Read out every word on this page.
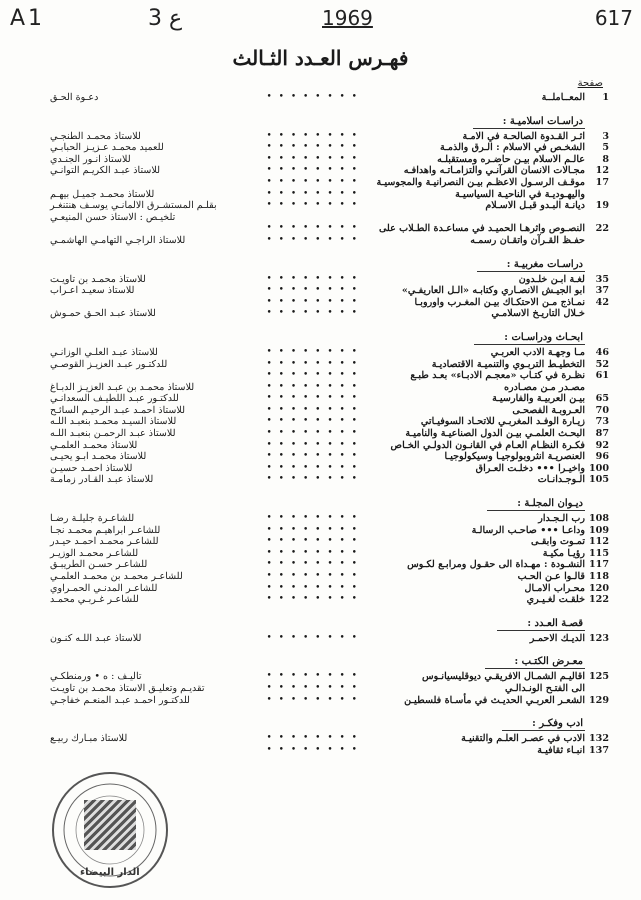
A1	3 ع	1969	617
فهـرس العـدد الثـالث
صفحة
1
المعــاملــة
• • • • • • • •
دعـوة الحـق
دراسـات اسلاميـة :
3
اثـر القـدوة الصالحـة في الامـة
• • • • • • • •
للاستاذ محمـد الطنجـي
5
الشخـص في الاسلام : الـرق والذمـة
• • • • • • • •
للعميد محمـد عـزيـز الحبابـي
8
عالـم الاسلام بيـن حاضـره ومستقبلـه
• • • • • • • •
للاستاذ انـور الجنـدي
12
مجـالات الانسان القرآنـي والتزامـاتـه واهدافـه
• • • • • • • •
للاستاذ عبـد الكريـم التوانـي
17
موقـف الرسـول الاعظـم بيـن النصرانيـة والمجوسيـة
• • • • • • • •
واليهـوديـة في الناحيـة السياسيـة
• • • • • • • •
للاستاذ محمـد جميـل بيهـم
19
ديانـة البـدو قبـل الاسـلام
• • • • • • • •
بقلـم المستشـرق الالمانـي يوسـف هنتنغـر
تلخيـص : الاستاذ حسن المنيعـي
22
النصـوص واثرهـا الحميـد في مساعـدة الطـلاب على
• • • • • • • •
حفـظ القـرآن واتقـان رسمـه
• • • • • • • •
للاستاذ الراجـي التهامـي الهاشمـي
دراسـات مغربيـة :
35
لغـة ابـن خلـدون
• • • • • • • •
للاستاذ محمـد بن تاويـت
37
ابو الجيـش الانصـاري وكتابـه «الـل العاريفـي»
• • • • • • • •
للاستاذ سعيـد اعـراب
42
نمـاذج مـن الاحتكـاك بيـن المغـرب واوروبـا
• • • • • • • •
خـلال التاريـخ الاسلامـي
• • • • • • • •
للاستاذ عبـد الحـق حمـوش
ابحـاث ودراسـات :
46
مـا وجهـة الادب العربـي
• • • • • • • •
للاستاذ عبـد العلـي الوزانـي
52
التخطيـط التربـوي والتنميـة الاقتصاديـة
• • • • • • • •
للدكتـور عبـد العزيـز القوصـي
61
نظـرة في كتـاب «معجـم الادبـاء» بعـد طبـع
• • • • • • • •
مصـدر مـن مصـادره
• • • • • • • •
للاستاذ محمـد بن عبـد العزيـز الدبـاغ
65
بيـن العربيـة والفارسيـة
• • • • • • • •
للدكتـور عبـد اللطيـف السعدانـي
70
العـروبـة الفصحـى
• • • • • • • •
للاستاذ احمـد عبـد الرحيـم السائـح
73
زيـارة الوفـد المغربـي للاتحـاد السوفيـاتي
• • • • • • • •
للاستاذ السيـد محمـد بنعبـد اللـه
87
البحـث العلمـي بيـن الدول الصناعيـة والناميـة
• • • • • • • •
للاستاذ عبـد الرحمـن بنعبـد اللـه
92
فكـرة النظـام العـام في القانـون الدولـي الخـاص
• • • • • • • •
للاستاذ محمـد العلمـي
96
العنصريـة انثروبولوجيـا وسيكولوجيـا
• • • • • • • •
للاستاذ محمـد ابـو يحيـى
100
واخيـرا ••• دخلـت العـراق
• • • • • • • •
للاستاذ احمـد حسيـن
105
الـوجـدانـات
• • • • • • • •
للاستاذ عبـد القـادر زمامـة
ديـوان المجلـة :
108
رب الـجـدار
• • • • • • • •
للشاعـرة جليلـة رضـا
109
وداعـا ••• صاحـب الرسالـة
• • • • • • • •
للشاعـر ابراهيـم محمـد نجـا
112
تمـوت وابقـى
• • • • • • • •
للشاعـر محمـد احمـد حيـدر
115
رؤيـا مكيـة
• • • • • • • •
للشاعـر محمـد الوزيـر
117
النشـودة : مهـداة الى حقـول ومرابـع لكـوس
• • • • • • • •
للشاعـر حسـن الطريبـق
118
قالـوا عـن الحـب
• • • • • • • •
للشاعـر محمـد بن محمـد العلمـي
120
محـراب الامـال
• • • • • • • •
للشاعـر المدنـي الحمـراوي
122
خلقـت لغـيـري
• • • • • • • •
للشاعـر غـربـي محمـد
قصـة العـدد :
123
الديـك الاحمـر
• • • • • • • •
للاستاذ عبـد اللـه كنـون
معـرض الكتـب :
125
اقاليـم الشمـال الافريقـي ديوقليسيانـوس
• • • • • • • •
تاليـف : ه • ورمنطكـي
الى الفتـح الونـدالـي
• • • • • • • •
تقديـم وتعليـق الاستاذ محمـد بن تاويـت
129
الشعـر العربـي الحديـث في مأسـاة فلسطيـن
• • • • • • • •
للدكتـور احمـد عبـد المنعـم خفاجـي
ادب وفكـر :
132
الادب في عصـر العلـم والتقنيـة
• • • • • • • •
للاستاذ مبـارك ربيـع
137
انبـاء ثقافيـة
• • • • • • • •
الدار البيضاء
